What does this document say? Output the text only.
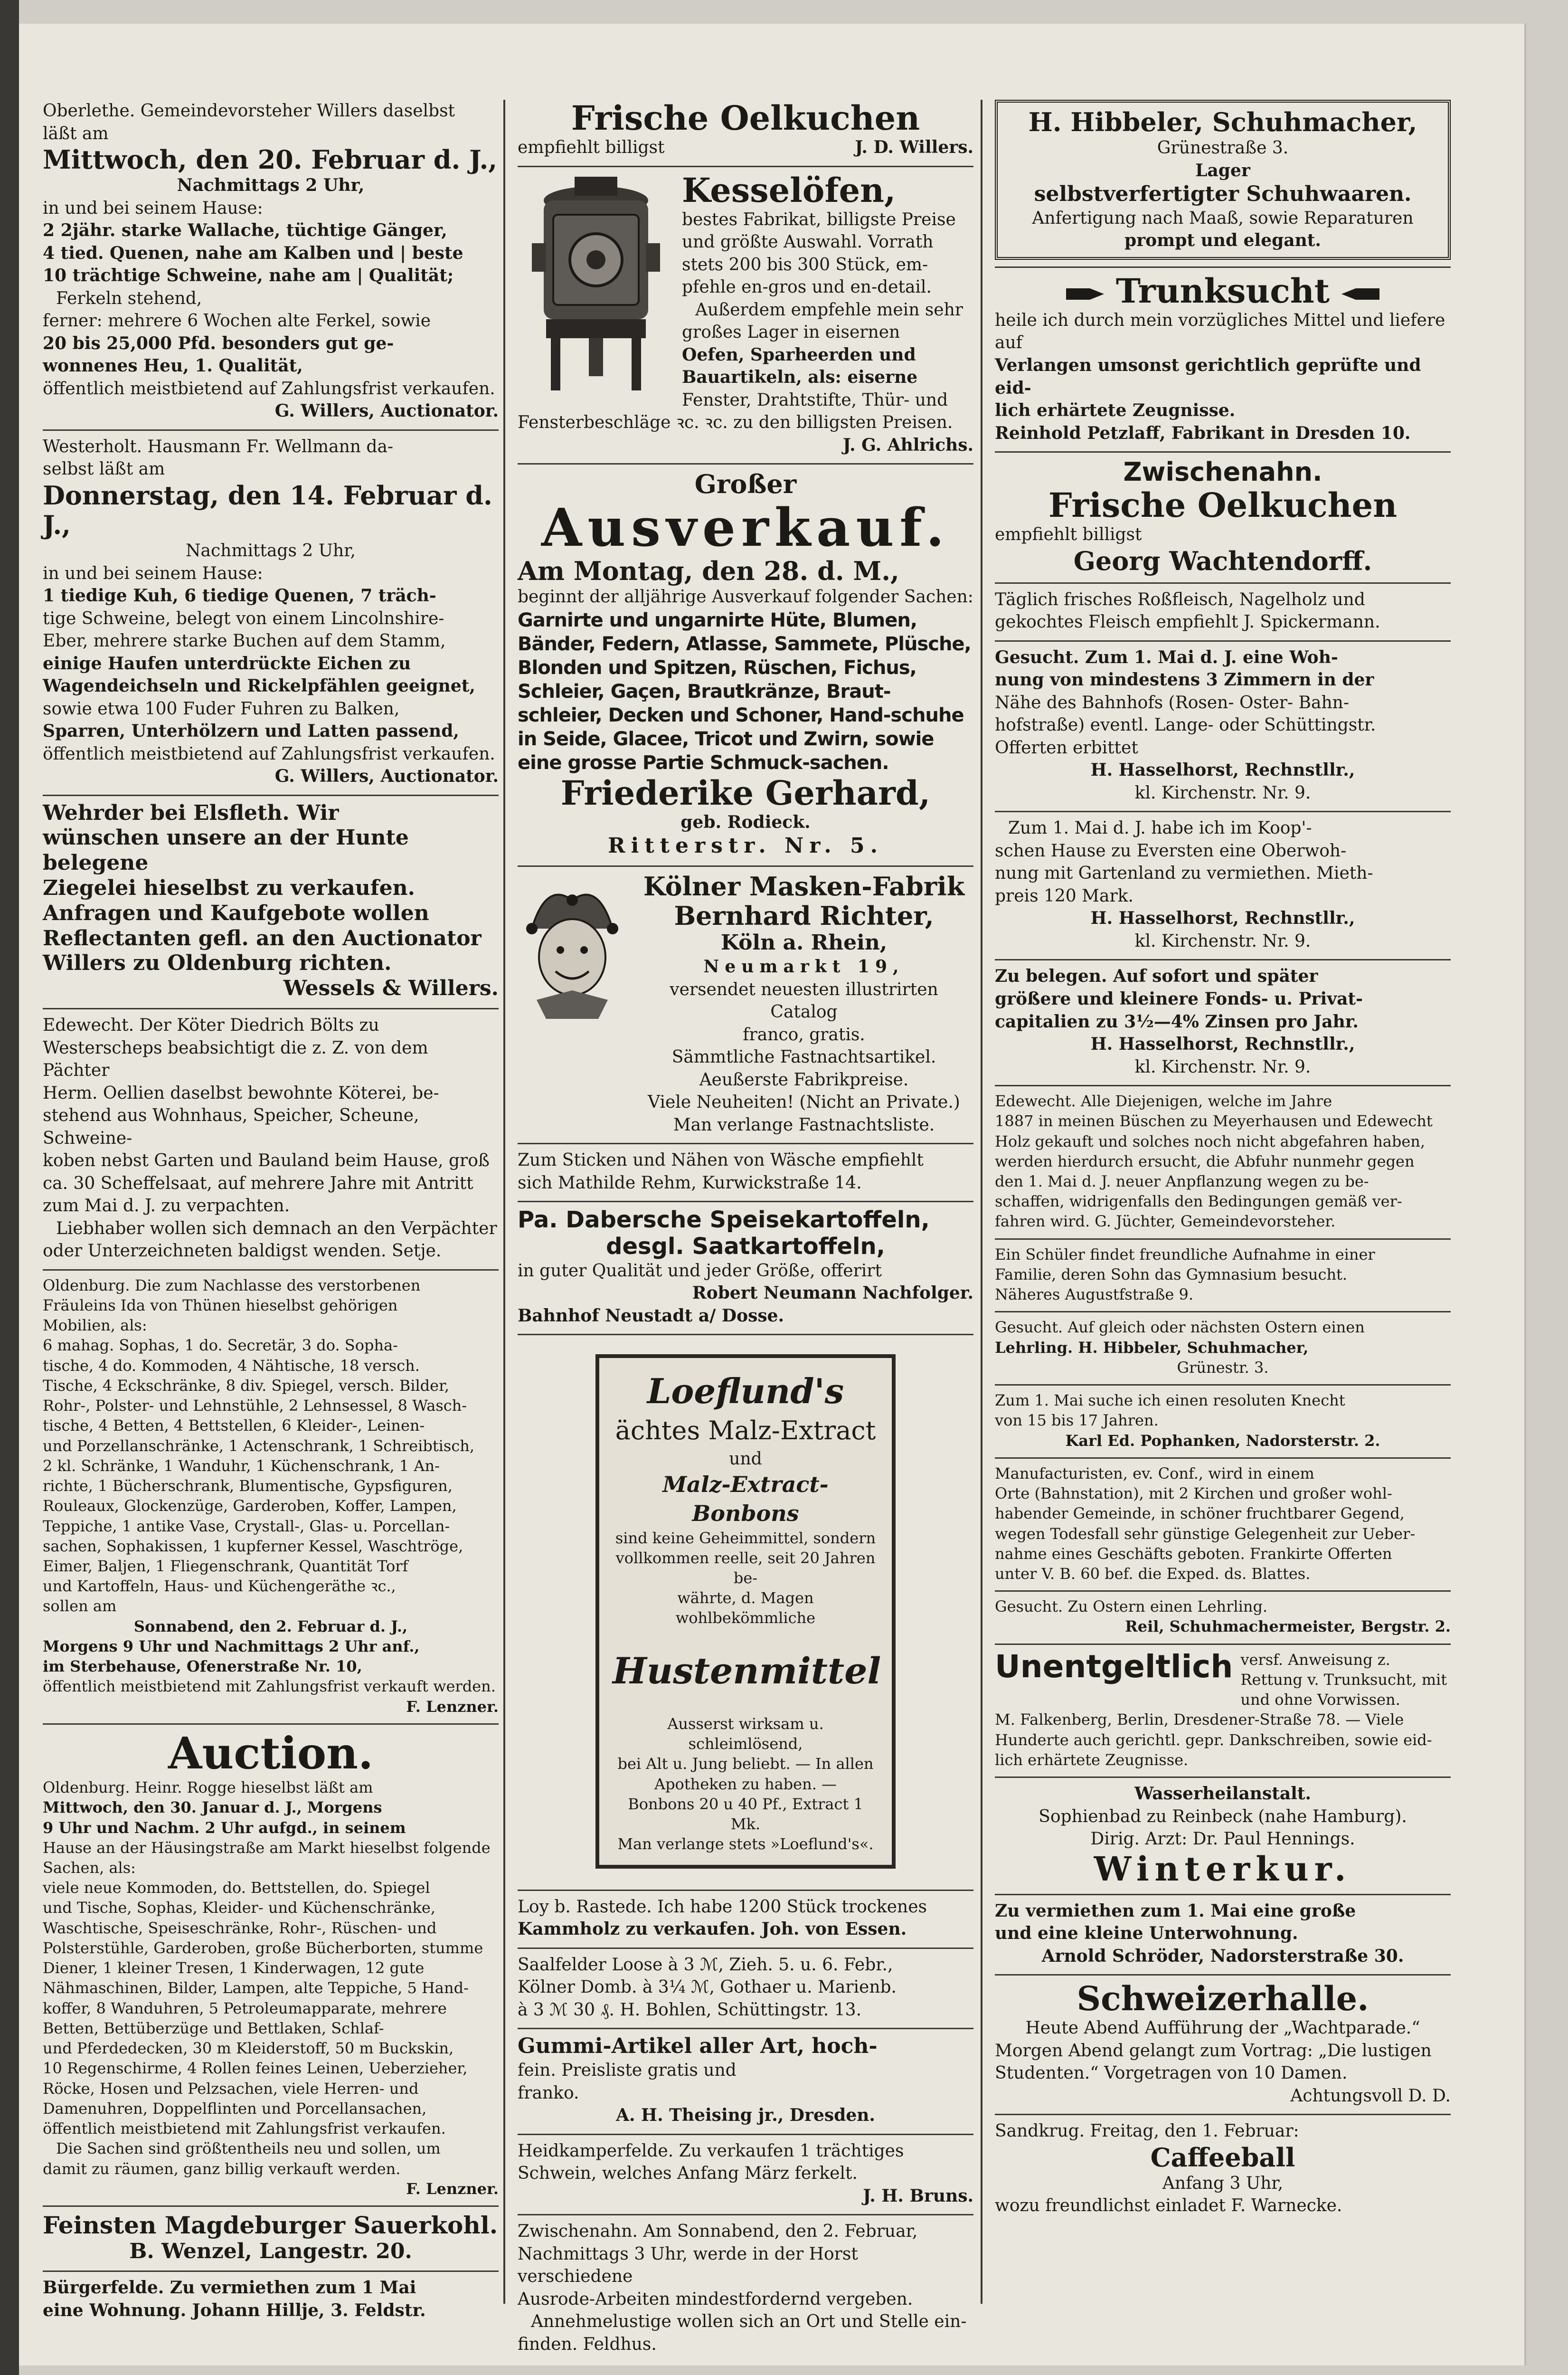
Oberlethe. Gemeindevorsteher Willers daselbst
läßt am
Mittwoch, den 20. Februar d. J.,
Nachmittags 2 Uhr,
in und bei seinem Hause:
2 2jähr. starke Wallache, tüchtige Gänger,
4 tied. Quenen, nahe am Kalben und | beste
10 trächtige Schweine, nahe am | Qualität;
Ferkeln stehend,
ferner: mehrere 6 Wochen alte Ferkel, sowie
20 bis 25,000 Pfd. besonders gut ge-
wonnenes Heu, 1. Qualität,
öffentlich meistbietend auf Zahlungsfrist verkaufen.
G. Willers, Auctionator.
Westerholt. Hausmann Fr. Wellmann da-
selbst läßt am
Donnerstag, den 14. Februar d. J.,
Nachmittags 2 Uhr,
in und bei seinem Hause:
1 tiedige Kuh, 6 tiedige Quenen, 7 träch-
tige Schweine, belegt von einem Lincolnshire-
Eber, mehrere starke Buchen auf dem Stamm,
einige Haufen unterdrückte Eichen zu
Wagendeichseln und Rickelpfählen geeignet,
sowie etwa 100 Fuder Fuhren zu Balken,
Sparren, Unterhölzern und Latten passend,
öffentlich meistbietend auf Zahlungsfrist verkaufen.
G. Willers, Auctionator.
Wehrder bei Elsfleth. Wir
wünschen unsere an der Hunte belegene
Ziegelei hieselbst zu verkaufen.
Anfragen und Kaufgebote wollen
Reflectanten gefl. an den Auctionator
Willers zu Oldenburg richten.
Wessels & Willers.
Edewecht. Der Köter Diedrich Bölts zu
Westerscheps beabsichtigt die z. Z. von dem Pächter
Herm. Oellien daselbst bewohnte Köterei, be-
stehend aus Wohnhaus, Speicher, Scheune, Schweine-
koben nebst Garten und Bauland beim Hause, groß
ca. 30 Scheffelsaat, auf mehrere Jahre mit Antritt
zum Mai d. J. zu verpachten.
Liebhaber wollen sich demnach an den Verpächter
oder Unterzeichneten baldigst wenden. Setje.
Oldenburg. Die zum Nachlasse des verstorbenen
Fräuleins Ida von Thünen hieselbst gehörigen
Mobilien, als:
6 mahag. Sophas, 1 do. Secretär, 3 do. Sopha-
tische, 4 do. Kommoden, 4 Nähtische, 18 versch.
Tische, 4 Eckschränke, 8 div. Spiegel, versch. Bilder,
Rohr-, Polster- und Lehnstühle, 2 Lehnsessel, 8 Wasch-
tische, 4 Betten, 4 Bettstellen, 6 Kleider-, Leinen-
und Porzellanschränke, 1 Actenschrank, 1 Schreibtisch,
2 kl. Schränke, 1 Wanduhr, 1 Küchenschrank, 1 An-
richte, 1 Bücherschrank, Blumentische, Gypsfiguren,
Rouleaux, Glockenzüge, Garderoben, Koffer, Lampen,
Teppiche, 1 antike Vase, Crystall-, Glas- u. Porcellan-
sachen, Sophakissen, 1 kupferner Kessel, Waschtröge,
Eimer, Baljen, 1 Fliegenschrank, Quantität Torf
und Kartoffeln, Haus- und Küchengeräthe ꝛc.,
sollen am
Sonnabend, den 2. Februar d. J.,
Morgens 9 Uhr und Nachmittags 2 Uhr anf.,
im Sterbehause, Ofenerstraße Nr. 10,
öffentlich meistbietend mit Zahlungsfrist verkauft werden.
F. Lenzner.
Auction.
Oldenburg. Heinr. Rogge hieselbst läßt am
Mittwoch, den 30. Januar d. J., Morgens
9 Uhr und Nachm. 2 Uhr aufgd., in seinem
Hause an der Häusingstraße am Markt hieselbst folgende
Sachen, als:
viele neue Kommoden, do. Bettstellen, do. Spiegel
und Tische, Sophas, Kleider- und Küchenschränke,
Waschtische, Speiseschränke, Rohr-, Rüschen- und
Polsterstühle, Garderoben, große Bücherborten, stumme
Diener, 1 kleiner Tresen, 1 Kinderwagen, 12 gute
Nähmaschinen, Bilder, Lampen, alte Teppiche, 5 Hand-
koffer, 8 Wanduhren, 5 Petroleumapparate, mehrere
Betten, Bettüberzüge und Bettlaken, Schlaf-
und Pferdedecken, 30 m Kleiderstoff, 50 m Buckskin,
10 Regenschirme, 4 Rollen feines Leinen, Ueberzieher,
Röcke, Hosen und Pelzsachen, viele Herren- und
Damenuhren, Doppelflinten und Porcellansachen,
öffentlich meistbietend mit Zahlungsfrist verkaufen.
Die Sachen sind größtentheils neu und sollen, um
damit zu räumen, ganz billig verkauft werden.
F. Lenzner.
Feinsten Magdeburger Sauerkohl.
B. Wenzel, Langestr. 20.
Bürgerfelde. Zu vermiethen zum 1 Mai
eine Wohnung. Johann Hillje, 3. Feldstr.
Frische Oelkuchen
empfiehlt billigst	J. D. Willers.
Kesselöfen,
bestes Fabrikat, billigste Preise
und größte Auswahl. Vorrath
stets 200 bis 300 Stück, em-
pfehle en-gros und en-detail.
Außerdem empfehle mein sehr
großes Lager in eisernen
Oefen, Sparheerden und
Bauartikeln, als: eiserne
Fenster, Drahtstifte, Thür- und
Fensterbeschläge ꝛc. ꝛc. zu den billigsten Preisen.
J. G. Ahlrichs.
Großer
Ausverkauf.
Am Montag, den 28. d. M.,
beginnt der alljährige Ausverkauf folgender Sachen:
Garnirte und ungarnirte Hüte, Blumen, Bänder, Federn, Atlasse, Sammete, Plüsche, Blonden und Spitzen, Rüschen, Fichus, Schleier, Gaçen, Brautkränze, Braut-schleier, Decken und Schoner, Hand-schuhe in Seide, Glacee, Tricot und Zwirn, sowie eine grosse Partie Schmuck-sachen.
Friederike Gerhard,
geb. Rodieck.
Ritterstr. Nr. 5.
Kölner Masken-Fabrik
Bernhard Richter,
Köln a. Rhein,
Neumarkt 19,
versendet neuesten illustrirten Catalog
franco, gratis.
Sämmtliche Fastnachtsartikel.
Aeußerste Fabrikpreise.
Viele Neuheiten! (Nicht an Private.)
Man verlange Fastnachtsliste.
Zum Sticken und Nähen von Wäsche empfiehlt
sich Mathilde Rehm, Kurwickstraße 14.
Pa. Dabersche Speisekartoffeln,
desgl. Saatkartoffeln,
in guter Qualität und jeder Größe, offerirt
Robert Neumann Nachfolger.
Bahnhof Neustadt a/ Dosse.
Loeflund's
ächtes Malz-Extract
und
Malz-Extract-Bonbons
sind keine Geheimmittel, sondern
vollkommen reelle, seit 20 Jahren be-
währte, d. Magen wohlbekömmliche
Hustenmittel
Ausserst wirksam u. schleimlösend,
bei Alt u. Jung beliebt. — In allen
Apotheken zu haben. —
Bonbons 20 u 40 Pf., Extract 1 Mk.
Man verlange stets »Loeflund's«.
Loy b. Rastede. Ich habe 1200 Stück trockenes
Kammholz zu verkaufen. Joh. von Essen.
Saalfelder Loose à 3 ℳ, Zieh. 5. u. 6. Febr.,
Kölner Domb. à 3¼ ℳ, Gothaer u. Marienb.
à 3 ℳ 30 ₰. H. Bohlen, Schüttingstr. 13.
Gummi-Artikel aller Art, hoch-
fein. Preisliste gratis und
franko.
A. H. Theising jr., Dresden.
Heidkamperfelde. Zu verkaufen 1 trächtiges
Schwein, welches Anfang März ferkelt.
J. H. Bruns.
Zwischenahn. Am Sonnabend, den 2. Februar,
Nachmittags 3 Uhr, werde in der Horst verschiedene
Ausrode-Arbeiten mindestfordernd vergeben.
Annehmelustige wollen sich an Ort und Stelle ein-
finden. Feldhus.
H. Hibbeler, Schuhmacher,
Grünestraße 3.
Lager
selbstverfertigter Schuhwaaren.
Anfertigung nach Maaß, sowie Reparaturen
prompt und elegant.
Trunksucht
heile ich durch mein vorzügliches Mittel und liefere auf
Verlangen umsonst gerichtlich geprüfte und eid-
lich erhärtete Zeugnisse.
Reinhold Petzlaff, Fabrikant in Dresden 10.
Zwischenahn.
Frische Oelkuchen
empfiehlt billigst
Georg Wachtendorff.
Täglich frisches Roßfleisch, Nagelholz und
gekochtes Fleisch empfiehlt J. Spickermann.
Gesucht. Zum 1. Mai d. J. eine Woh-
nung von mindestens 3 Zimmern in der
Nähe des Bahnhofs (Rosen- Oster- Bahn-
hofstraße) eventl. Lange- oder Schüttingstr.
Offerten erbittet
H. Hasselhorst, Rechnstllr.,
kl. Kirchenstr. Nr. 9.
Zum 1. Mai d. J. habe ich im Koop'-
schen Hause zu Eversten eine Oberwoh-
nung mit Gartenland zu vermiethen. Mieth-
preis 120 Mark.
H. Hasselhorst, Rechnstllr.,
kl. Kirchenstr. Nr. 9.
Zu belegen. Auf sofort und später
größere und kleinere Fonds- u. Privat-
capitalien zu 3½—4% Zinsen pro Jahr.
H. Hasselhorst, Rechnstllr.,
kl. Kirchenstr. Nr. 9.
Edewecht. Alle Diejenigen, welche im Jahre
1887 in meinen Büschen zu Meyerhausen und Edewecht
Holz gekauft und solches noch nicht abgefahren haben,
werden hierdurch ersucht, die Abfuhr nunmehr gegen
den 1. Mai d. J. neuer Anpflanzung wegen zu be-
schaffen, widrigenfalls den Bedingungen gemäß ver-
fahren wird. G. Jüchter, Gemeindevorsteher.
Ein Schüler findet freundliche Aufnahme in einer
Familie, deren Sohn das Gymnasium besucht.
Näheres Augustfstraße 9.
Gesucht. Auf gleich oder nächsten Ostern einen
Lehrling. H. Hibbeler, Schuhmacher,
Grünestr. 3.
Zum 1. Mai suche ich einen resoluten Knecht
von 15 bis 17 Jahren.
Karl Ed. Pophanken, Nadorsterstr. 2.
Manufacturisten, ev. Conf., wird in einem
Orte (Bahnstation), mit 2 Kirchen und großer wohl-
habender Gemeinde, in schöner fruchtbarer Gegend,
wegen Todesfall sehr günstige Gelegenheit zur Ueber-
nahme eines Geschäfts geboten. Frankirte Offerten
unter V. B. 60 bef. die Exped. ds. Blattes.
Gesucht. Zu Ostern einen Lehrling.
Reil, Schuhmachermeister, Bergstr. 2.
Unentgeltlich versf. Anweisung z. Rettung v. Trunksucht, mit und ohne Vorwissen.
M. Falkenberg, Berlin, Dresdener-Straße 78. — Viele
Hunderte auch gerichtl. gepr. Dankschreiben, sowie eid-
lich erhärtete Zeugnisse.
Wasserheilanstalt.
Sophienbad zu Reinbeck (nahe Hamburg).
Dirig. Arzt: Dr. Paul Hennings.
Winterkur.
Zu vermiethen zum 1. Mai eine große
und eine kleine Unterwohnung.
Arnold Schröder, Nadorsterstraße 30.
Schweizerhalle.
Heute Abend Aufführung der „Wachtparade.“
Morgen Abend gelangt zum Vortrag: „Die lustigen
Studenten.“ Vorgetragen von 10 Damen.
Achtungsvoll D. D.
Sandkrug. Freitag, den 1. Februar:
Caffeeball
Anfang 3 Uhr,
wozu freundlichst einladet F. Warnecke.
